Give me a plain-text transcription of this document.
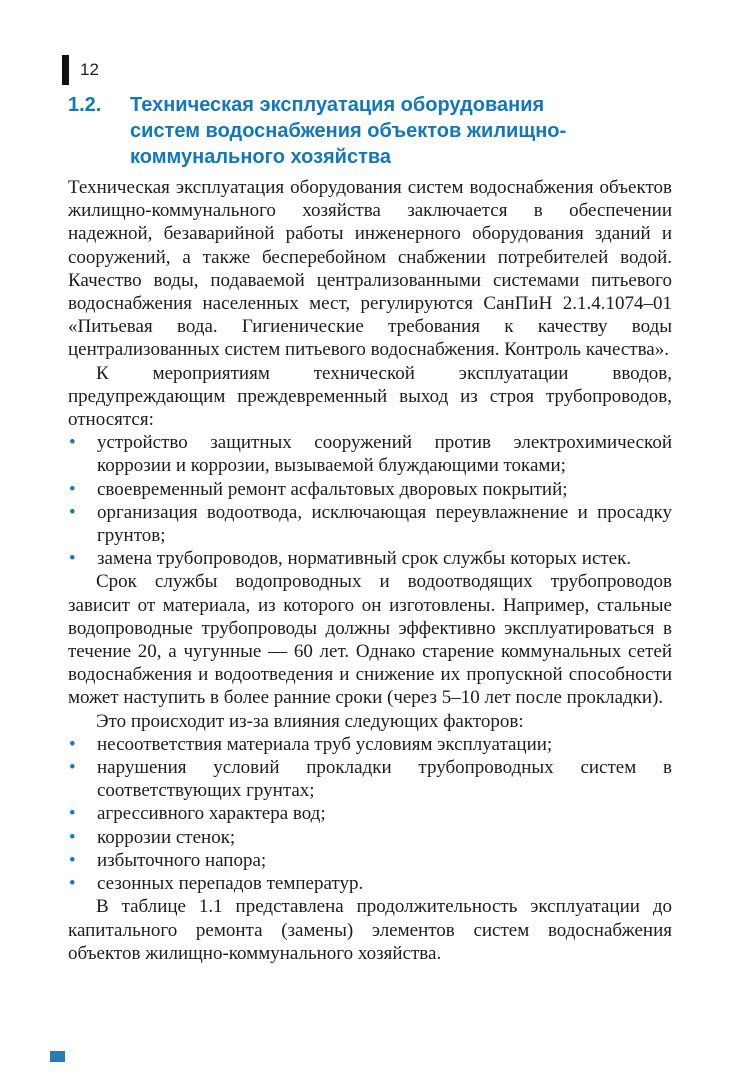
12
1.2.	Техническая эксплуатация оборудования систем водоснабжения объектов жилищно-коммунального хозяйства

Техническая эксплуатация оборудования систем водоснабжения объектов жилищно-коммунального хозяйства заключается в обеспечении надежной, безаварийной работы инженерного оборудования зданий и сооружений, а также бесперебойном снабжении потребителей водой. Качество воды, подаваемой централизованными системами питьевого водоснабжения населенных мест, регулируются СанПиН 2.1.4.1074–01 «Питьевая вода. Гигиенические требования к качеству воды централизованных систем питьевого водоснабжения. Контроль качества».

К мероприятиям технической эксплуатации вводов, предупреждающим преждевременный выход из строя трубопроводов, относятся:

• устройство защитных сооружений против электрохимической коррозии и коррозии, вызываемой блуждающими токами;
• своевременный ремонт асфальтовых дворовых покрытий;
• организация водоотвода, исключающая переувлажнение и просадку грунтов;
• замена трубопроводов, нормативный срок службы которых истек.

Срок службы водопроводных и водоотводящих трубопроводов зависит от материала, из которого он изготовлены. Например, стальные водопроводные трубопроводы должны эффективно эксплуатироваться в течение 20, а чугунные — 60 лет. Однако старение коммунальных сетей водоснабжения и водоотведения и снижение их пропускной способности может наступить в более ранние сроки (через 5–10 лет после прокладки).

Это происходит из-за влияния следующих факторов:

• несоответствия материала труб условиям эксплуатации;
• нарушения условий прокладки трубопроводных систем в соответствующих грунтах;
• агрессивного характера вод;
• коррозии стенок;
• избыточного напора;
• сезонных перепадов температур.

В таблице 1.1 представлена продолжительность эксплуатации до капитального ремонта (замены) элементов систем водоснабжения объектов жилищно-коммунального хозяйства.
